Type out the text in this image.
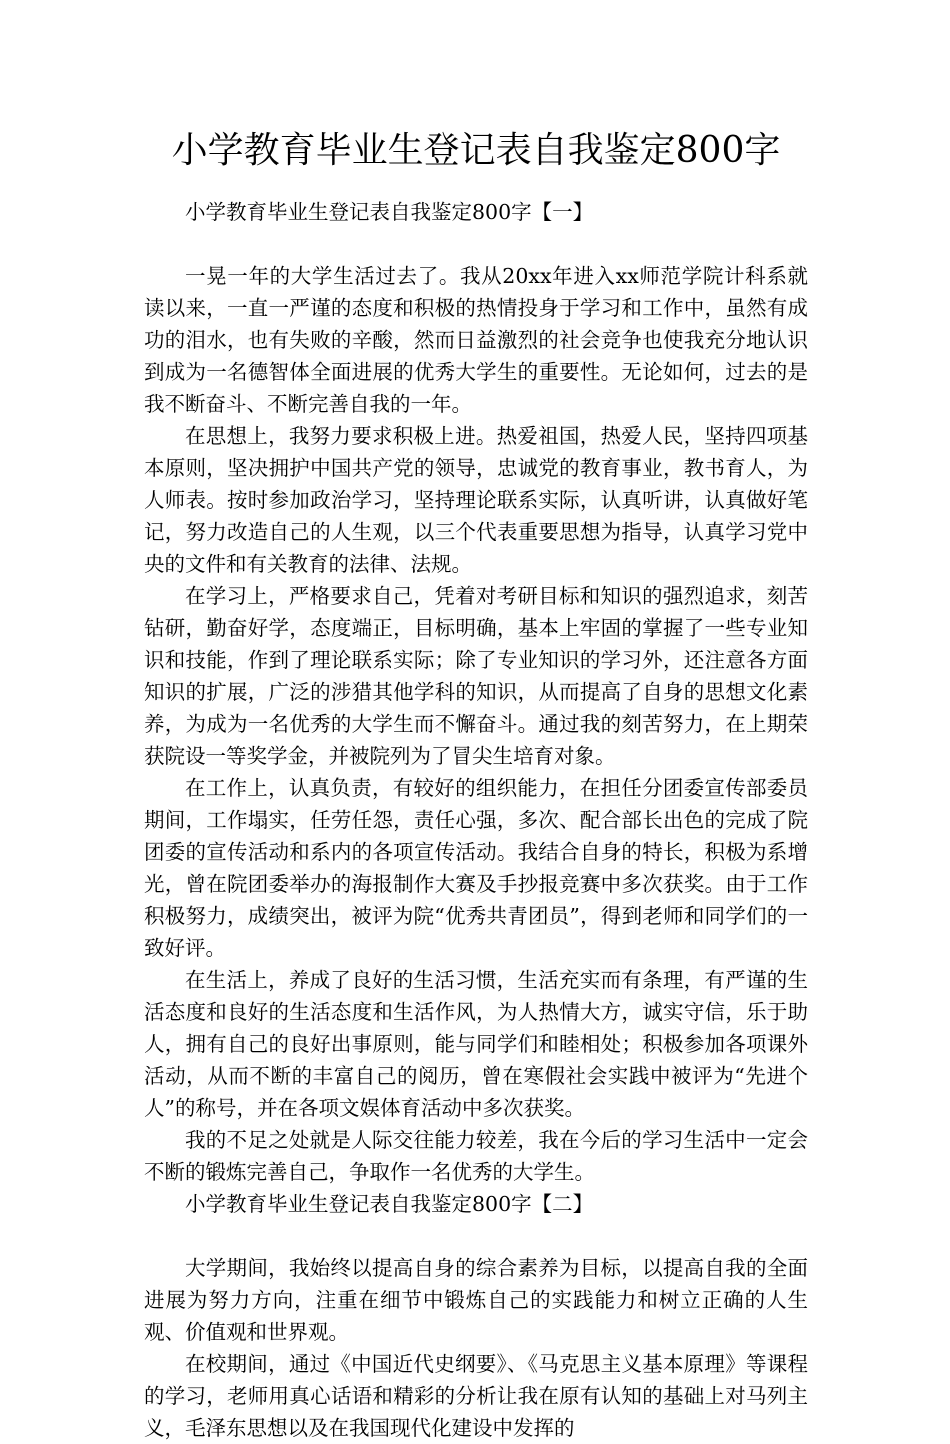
小学教育毕业生登记表自我鉴定800字

小学教育毕业生登记表自我鉴定800字【一】

一晃一年的大学生活过去了。我从20xx年进入xx师范学院计科系就读以来，一直一严谨的态度和积极的热情投身于学习和工作中，虽然有成功的泪水，也有失败的辛酸，然而日益激烈的社会竞争也使我充分地认识到成为一名德智体全面进展的优秀大学生的重要性。无论如何，过去的是我不断奋斗、不断完善自我的一年。

在思想上，我努力要求积极上进。热爱祖国，热爱人民，坚持四项基本原则，坚决拥护中国共产党的领导，忠诚党的教育事业，教书育人，为人师表。按时参加政治学习，坚持理论联系实际，认真听讲，认真做好笔记，努力改造自己的人生观，以三个代表重要思想为指导，认真学习党中央的文件和有关教育的法律、法规。

在学习上，严格要求自己，凭着对考研目标和知识的强烈追求，刻苦钻研，勤奋好学，态度端正，目标明确，基本上牢固的掌握了一些专业知识和技能，作到了理论联系实际；除了专业知识的学习外，还注意各方面知识的扩展，广泛的涉猎其他学科的知识，从而提高了自身的思想文化素养，为成为一名优秀的大学生而不懈奋斗。通过我的刻苦努力，在上期荣获院设一等奖学金，并被院列为了冒尖生培育对象。

在工作上，认真负责，有较好的组织能力，在担任分团委宣传部委员期间，工作塌实，任劳任怨，责任心强，多次、配合部长出色的完成了院团委的宣传活动和系内的各项宣传活动。我结合自身的特长，积极为系增光，曾在院团委举办的海报制作大赛及手抄报竞赛中多次获奖。由于工作积极努力，成绩突出，被评为院“优秀共青团员”，得到老师和同学们的一致好评。

在生活上，养成了良好的生活习惯，生活充实而有条理，有严谨的生活态度和良好的生活态度和生活作风，为人热情大方，诚实守信，乐于助人，拥有自己的良好出事原则，能与同学们和睦相处；积极参加各项课外活动，从而不断的丰富自己的阅历，曾在寒假社会实践中被评为“先进个人”的称号，并在各项文娱体育活动中多次获奖。

我的不足之处就是人际交往能力较差，我在今后的学习生活中一定会不断的锻炼完善自己，争取作一名优秀的大学生。

小学教育毕业生登记表自我鉴定800字【二】

大学期间，我始终以提高自身的综合素养为目标，以提高自我的全面进展为努力方向，注重在细节中锻炼自己的实践能力和树立正确的人生观、价值观和世界观。

在校期间，通过《中国近代史纲要》、《马克思主义基本原理》等课程的学习，老师用真心话语和精彩的分析让我在原有认知的基础上对马列主义，毛泽东思想以及在我国现代化建设中发挥的
